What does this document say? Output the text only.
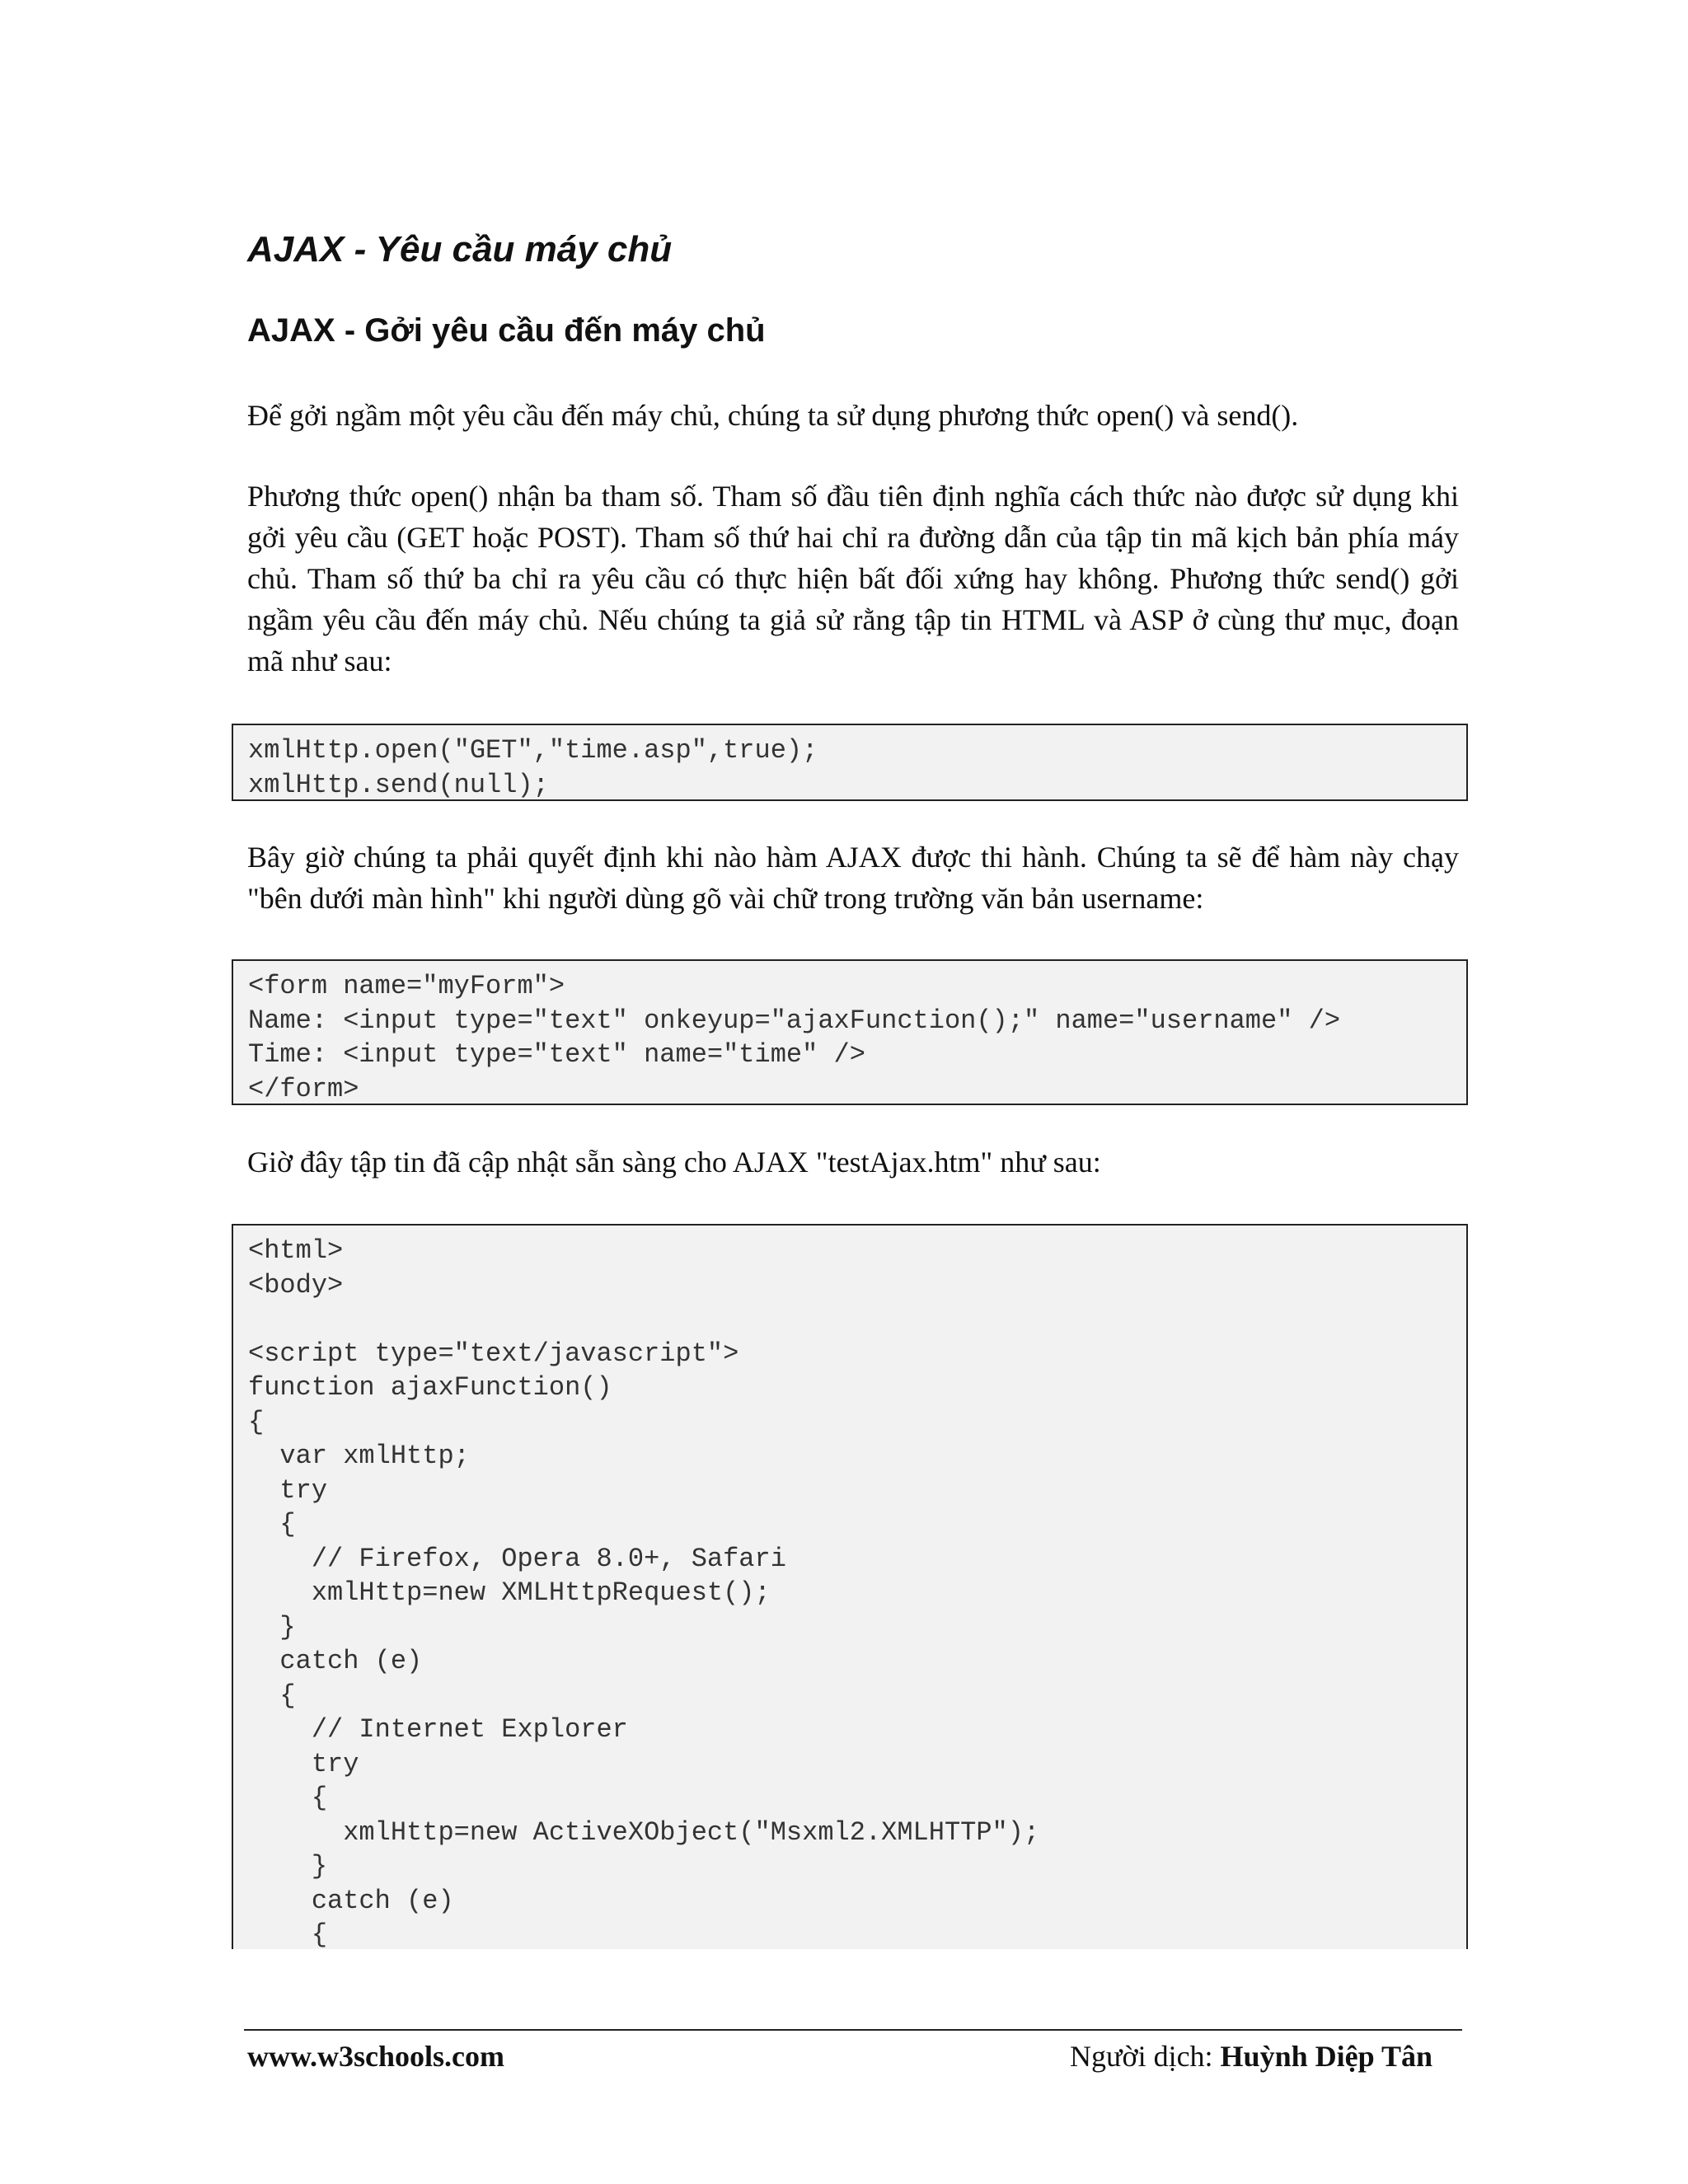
AJAX - Yêu cầu máy chủ
AJAX - Gởi yêu cầu đến máy chủ

Để gởi ngầm một yêu cầu đến máy chủ, chúng ta sử dụng phương thức open() và send().

Phương thức open() nhận ba tham số. Tham số đầu tiên định nghĩa cách thức nào được sử dụng khi gởi yêu cầu (GET hoặc POST). Tham số thứ hai chỉ ra đường dẫn của tập tin mã kịch bản phía máy chủ. Tham số thứ ba chỉ ra yêu cầu có thực hiện bất đối xứng hay không. Phương thức send() gởi ngầm yêu cầu đến máy chủ. Nếu chúng ta giả sử rằng tập tin HTML và ASP ở cùng thư mục, đoạn mã như sau:

xmlHttp.open("GET","time.asp",true);
xmlHttp.send(null);

Bây giờ chúng ta phải quyết định khi nào hàm AJAX được thi hành. Chúng ta sẽ để hàm này chạy "bên dưới màn hình" khi người dùng gõ vài chữ trong trường văn bản username:

<form name="myForm">
Name: <input type="text" onkeyup="ajaxFunction();" name="username" />
Time: <input type="text" name="time" />
</form>

Giờ đây tập tin đã cập nhật sẵn sàng cho AJAX "testAjax.htm" như sau:

<html>
<body>

<script type="text/javascript">
function ajaxFunction()
{
var xmlHttp;
try
{
// Firefox, Opera 8.0+, Safari
xmlHttp=new XMLHttpRequest();
}
catch (e)
{
// Internet Explorer
try
{
xmlHttp=new ActiveXObject("Msxml2.XMLHTTP");
}
catch (e)
{
www.w3schools.com	Người dịch: Huỳnh Diệp Tân
